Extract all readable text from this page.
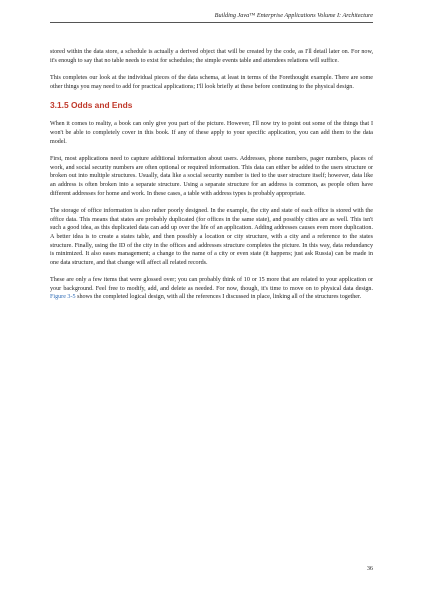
Building Java™ Enterprise Applications Volume I: Architecture

stored within the data store, a schedule is actually a derived object that will be created by the code, as I'll detail later on. For now, it's enough to say that no table needs to exist for schedules; the simple events table and attendees relations will suffice.

This completes our look at the individual pieces of the data schema, at least in terms of the Forethought example. There are some other things you may need to add for practical applications; I'll look briefly at these before continuing to the physical design.

3.1.5 Odds and Ends

When it comes to reality, a book can only give you part of the picture. However, I'll now try to point out some of the things that I won't be able to completely cover in this book. If any of these apply to your specific application, you can add them to the data model.

First, most applications need to capture additional information about users. Addresses, phone numbers, pager numbers, places of work, and social security numbers are often optional or required information. This data can either be added to the users structure or broken out into multiple structures. Usually, data like a social security number is tied to the user structure itself; however, data like an address is often broken into a separate structure. Using a separate structure for an address is common, as people often have different addresses for home and work. In these cases, a table with address types is probably appropriate.

The storage of office information is also rather poorly designed. In the example, the city and state of each office is stored with the office data. This means that states are probably duplicated (for offices in the same state), and possibly cities are as well. This isn't such a good idea, as this duplicated data can add up over the life of an application. Adding addresses causes even more duplication. A better idea is to create a states table, and then possibly a location or city structure, with a city and a reference to the states structure. Finally, using the ID of the city in the offices and addresses structure completes the picture. In this way, data redundancy is minimized. It also eases management; a change to the name of a city or even state (it happens; just ask Russia) can be made in one data structure, and that change will affect all related records.

These are only a few items that were glossed over; you can probably think of 10 or 15 more that are related to your application or your background. Feel free to modify, add, and delete as needed. For now, though, it's time to move on to physical data design. Figure 3-5 shows the completed logical design, with all the references I discussed in place, linking all of the structures together.

36
